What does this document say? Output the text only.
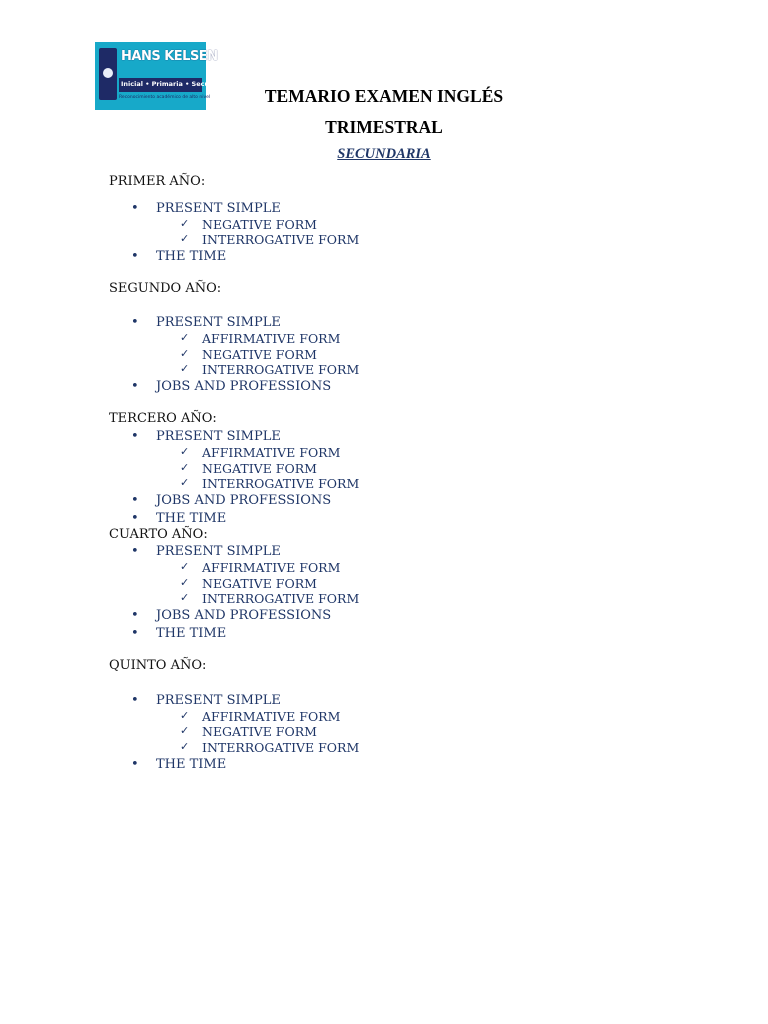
HANS KELSEN
Inicial • Primaria • Secundaria
Reconocimiento académico de alto nivel	TEMARIO EXAMEN INGLÉS
TRIMESTRAL
SECUNDARIA
PRIMER AÑO:
• PRESENT SIMPLE
✓ NEGATIVE FORM
✓ INTERROGATIVE FORM
• THE TIME
SEGUNDO AÑO:
• PRESENT SIMPLE
✓ AFFIRMATIVE FORM
✓ NEGATIVE FORM
✓ INTERROGATIVE FORM
• JOBS AND PROFESSIONS
TERCERO AÑO:
• PRESENT SIMPLE
✓ AFFIRMATIVE FORM
✓ NEGATIVE FORM
✓ INTERROGATIVE FORM
• JOBS AND PROFESSIONS
• THE TIME
CUARTO AÑO:
• PRESENT SIMPLE
✓ AFFIRMATIVE FORM
✓ NEGATIVE FORM
✓ INTERROGATIVE FORM
• JOBS AND PROFESSIONS
• THE TIME
QUINTO AÑO:
• PRESENT SIMPLE
✓ AFFIRMATIVE FORM
✓ NEGATIVE FORM
✓ INTERROGATIVE FORM
• THE TIME
